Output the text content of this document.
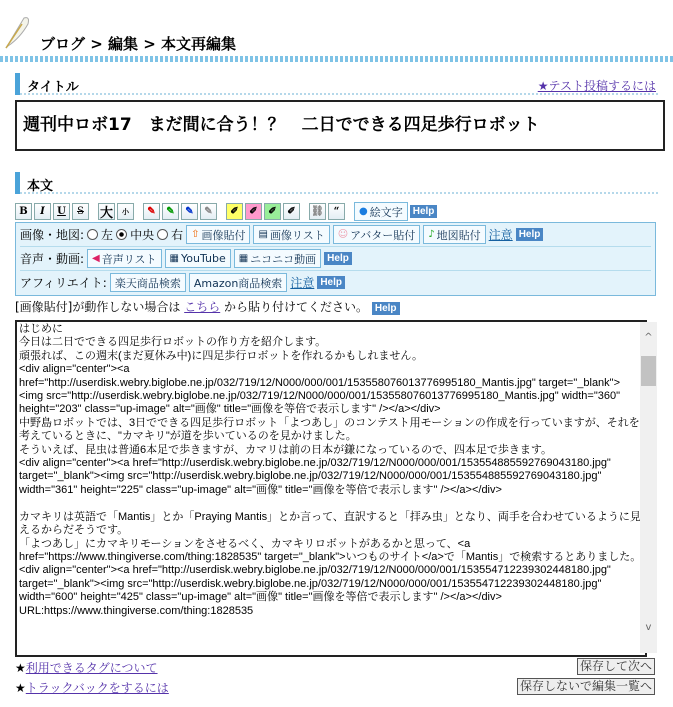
ブログ > 編集 > 本文再編集
タイトル	★テスト投稿するには
週刊中ロボ17　まだ間に合う！？　二日でできる四足歩行ロボット
本文
B	I	U	S	大	小	✎	✎	✎	✎	✐	✐	✐	✐	⛓ “	● 絵文字	Help
画像・地図: 左 中央 右 ⇧ 画像貼付 ▤ 画像リスト ☺ アバター貼付 ♪ 地図貼付 注意 Help
音声・動画: ◀ 音声リスト ▦ YouTube ▦ ニコニコ動画	Help
アフィリエイト: 楽天商品検索	Amazon商品検索 注意 Help
[画像貼付]が動作しない場合は こちら から貼り付けてください。 Help
はじめに 今日は二日でできる四足歩行ロボットの作り方を紹介します。 頑張れば、この週末(まだ夏休み中)に四足歩行ロボットを作れるかもしれません。 <div align="center"><a href="http://userdisk.webry.biglobe.ne.jp/032/719/12/N000/000/001/153558076013776995180_Mantis.jpg" target="_blank"><img src="http://userdisk.webry.biglobe.ne.jp/032/719/12/N000/000/001/153558076013776995180_Mantis.jpg" width="360" height="203" class="up-image" alt="画像" title="画像を等倍で表示します" /></a></div> 中野島ロボットでは、3日でできる四足歩行ロボット「よつあし」のコンテスト用モーションの作成を行っていますが、それを考えているときに、"カマキリ"が道を歩いているのを見かけました。 そういえば、昆虫は普通6本足で歩きますが、カマリは前の日本が鎌になっているので、四本足で歩きます。 <div align="center"><a href="http://userdisk.webry.biglobe.ne.jp/032/719/12/N000/000/001/153554885592769043180.jpg" target="_blank"><img src="http://userdisk.webry.biglobe.ne.jp/032/719/12/N000/000/001/153554885592769043180.jpg" width="361" height="225" class="up-image" alt="画像" title="画像を等倍で表示します" /></a></div> カマキリは英語で「Mantis」とか「Praying Mantis」とか言って、直訳すると「拝み虫」となり、両手を合わせているように見えるからだそうです。 「よつあし」にカマキリモーションをさせるべく、カマキリロボットがあるかと思って、<a href="https://www.thingiverse.com/thing:1828535" target="_blank">いつものサイト</a>で「Mantis」で検索するとありました。 <div align="center"><a href="http://userdisk.webry.biglobe.ne.jp/032/719/12/N000/000/001/153554712239302448180.jpg" target="_blank"><img src="http://userdisk.webry.biglobe.ne.jp/032/719/12/N000/000/001/153554712239302448180.jpg" width="600" height="425" class="up-image" alt="画像" title="画像を等倍で表示します" /></a></div> URL:https://www.thingiverse.com/thing:1828535
^
v
★利用できるタグについて
★トラックバックをするには
保存して次へ
保存しないで編集一覧へ
